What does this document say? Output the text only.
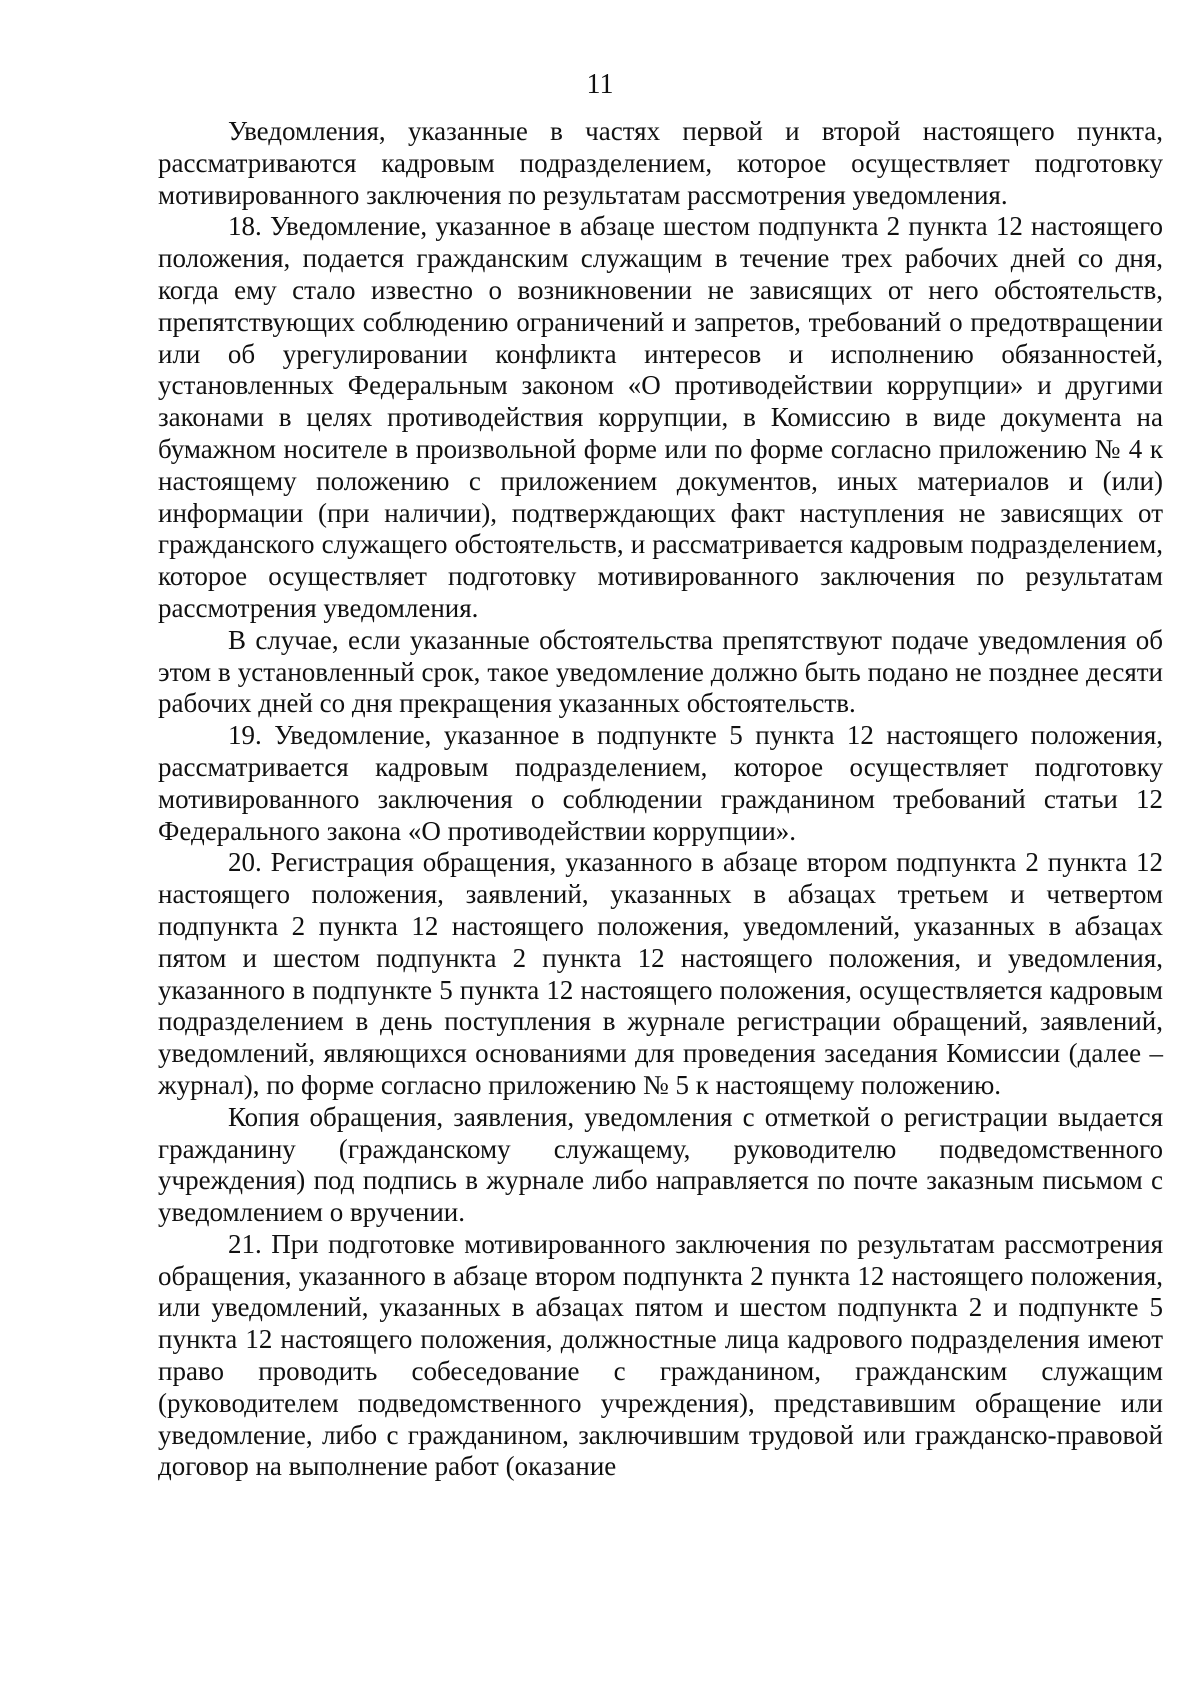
11

Уведомления, указанные в частях первой и второй настоящего пункта, рассматриваются кадровым подразделением, которое осуществляет подготовку мотивированного заключения по результатам рассмотрения уведомления.

18. Уведомление, указанное в абзаце шестом подпункта 2 пункта 12 настоящего положения, подается гражданским служащим в течение трех рабочих дней со дня, когда ему стало известно о возникновении не зависящих от него обстоятельств, препятствующих соблюдению ограничений и запретов, требований о предотвращении или об урегулировании конфликта интересов и исполнению обязанностей, установленных Федеральным законом «О противодействии коррупции» и другими законами в целях противодействия коррупции, в Комиссию в виде документа на бумажном носителе в произвольной форме или по форме согласно приложению № 4 к настоящему положению с приложением документов, иных материалов и (или) информации (при наличии), подтверждающих факт наступления не зависящих от гражданского служащего обстоятельств, и рассматривается кадровым подразделением, которое осуществляет подготовку мотивированного заключения по результатам рассмотрения уведомления.

В случае, если указанные обстоятельства препятствуют подаче уведомления об этом в установленный срок, такое уведомление должно быть подано не позднее десяти рабочих дней со дня прекращения указанных обстоятельств.

19. Уведомление, указанное в подпункте 5 пункта 12 настоящего положения, рассматривается кадровым подразделением, которое осуществляет подготовку мотивированного заключения о соблюдении гражданином требований статьи 12 Федерального закона «О противодействии коррупции».

20. Регистрация обращения, указанного в абзаце втором подпункта 2 пункта 12 настоящего положения, заявлений, указанных в абзацах третьем и четвертом подпункта 2 пункта 12 настоящего положения, уведомлений, указанных в абзацах пятом и шестом подпункта 2 пункта 12 настоящего положения, и уведомления, указанного в подпункте 5 пункта 12 настоящего положения, осуществляется кадровым подразделением в день поступления в журнале регистрации обращений, заявлений, уведомлений, являющихся основаниями для проведения заседания Комиссии (далее – журнал), по форме согласно приложению № 5 к настоящему положению.

Копия обращения, заявления, уведомления с отметкой о регистрации выдается гражданину (гражданскому служащему, руководителю подведомственного учреждения) под подпись в журнале либо направляется по почте заказным письмом с уведомлением о вручении.

21. При подготовке мотивированного заключения по результатам рассмотрения обращения, указанного в абзаце втором подпункта 2 пункта 12 настоящего положения, или уведомлений, указанных в абзацах пятом и шестом подпункта 2 и подпункте 5 пункта 12 настоящего положения, должностные лица кадрового подразделения имеют право проводить собеседование с гражданином, гражданским служащим (руководителем подведомственного учреждения), представившим обращение или уведомление, либо с гражданином, заключившим трудовой или гражданско-правовой договор на выполнение работ (оказание
